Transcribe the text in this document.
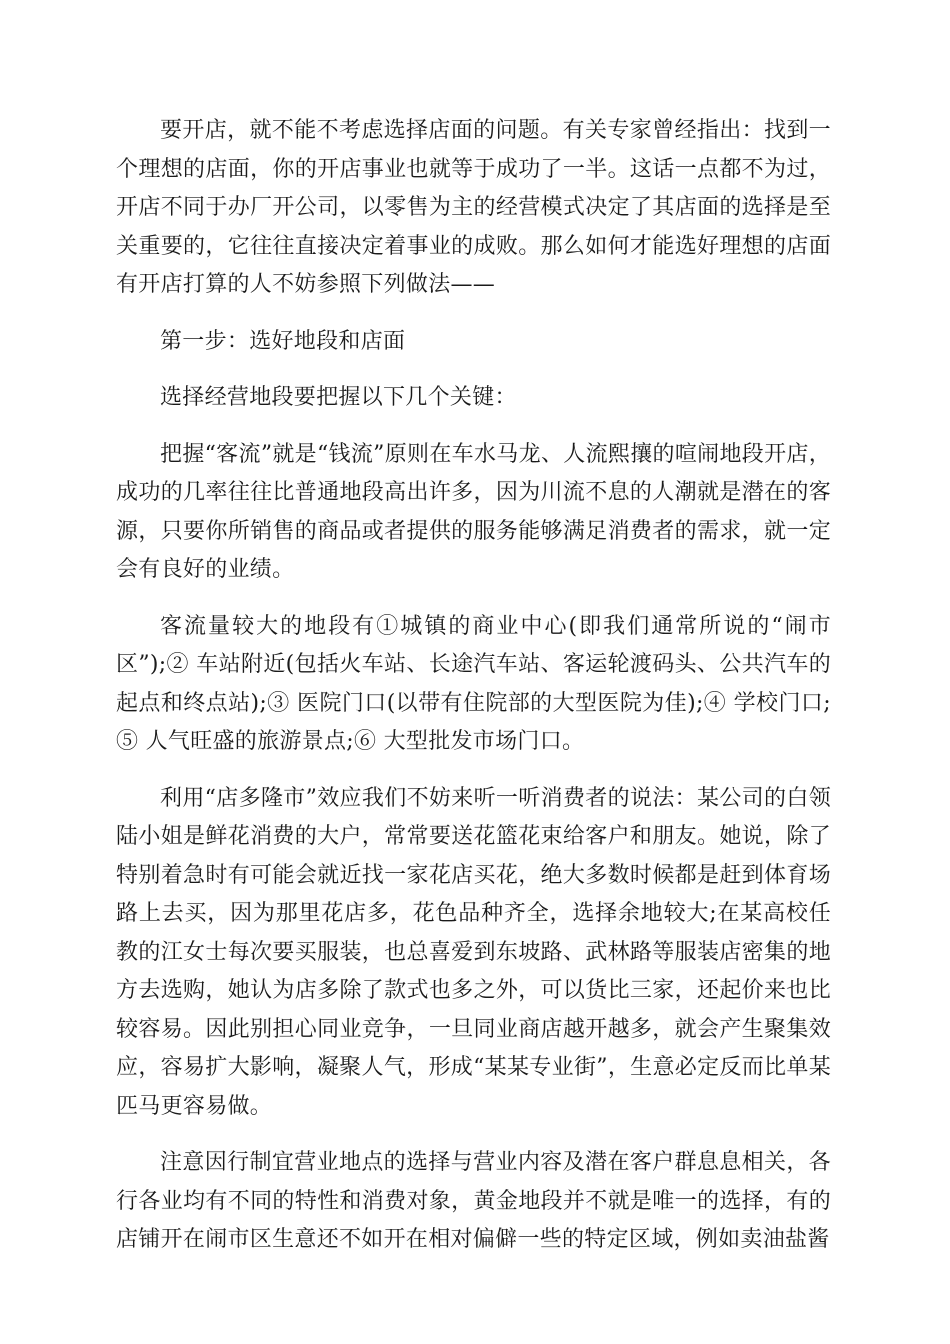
要开店，就不能不考虑选择店面的问题。有关专家曾经指出：找到一个理想的店面，你的开店事业也就等于成功了一半。这话一点都不为过，开店不同于办厂开公司，以零售为主的经营模式决定了其店面的选择是至关重要的，它往往直接决定着事业的成败。那么如何才能选好理想的店面有开店打算的人不妨参照下列做法——

第一步：选好地段和店面

选择经营地段要把握以下几个关键：

把握“客流”就是“钱流”原则在车水马龙、人流熙攘的喧闹地段开店，成功的几率往往比普通地段高出许多，因为川流不息的人潮就是潜在的客源，只要你所销售的商品或者提供的服务能够满足消费者的需求，就一定会有良好的业绩。

客流量较大的地段有①城镇的商业中心(即我们通常所说的“闹市区”);② 车站附近(包括火车站、长途汽车站、客运轮渡码头、公共汽车的起点和终点站);③ 医院门口(以带有住院部的大型医院为佳);④ 学校门口;⑤ 人气旺盛的旅游景点;⑥ 大型批发市场门口。

利用“店多隆市”效应我们不妨来听一听消费者的说法：某公司的白领陆小姐是鲜花消费的大户，常常要送花篮花束给客户和朋友。她说，除了特别着急时有可能会就近找一家花店买花，绝大多数时候都是赶到体育场路上去买，因为那里花店多，花色品种齐全，选择余地较大;在某高校任教的江女士每次要买服装，也总喜爱到东坡路、武林路等服装店密集的地方去选购，她认为店多除了款式也多之外，可以货比三家，还起价来也比较容易。因此别担心同业竞争，一旦同业商店越开越多，就会产生聚集效应，容易扩大影响，凝聚人气，形成“某某专业街”，生意必定反而比单某匹马更容易做。

注意因行制宜营业地点的选择与营业内容及潜在客户群息息相关，各行各业均有不同的特性和消费对象，黄金地段并不就是唯一的选择，有的店铺开在闹市区生意还不如开在相对偏僻一些的特定区域，例如卖油盐酱
